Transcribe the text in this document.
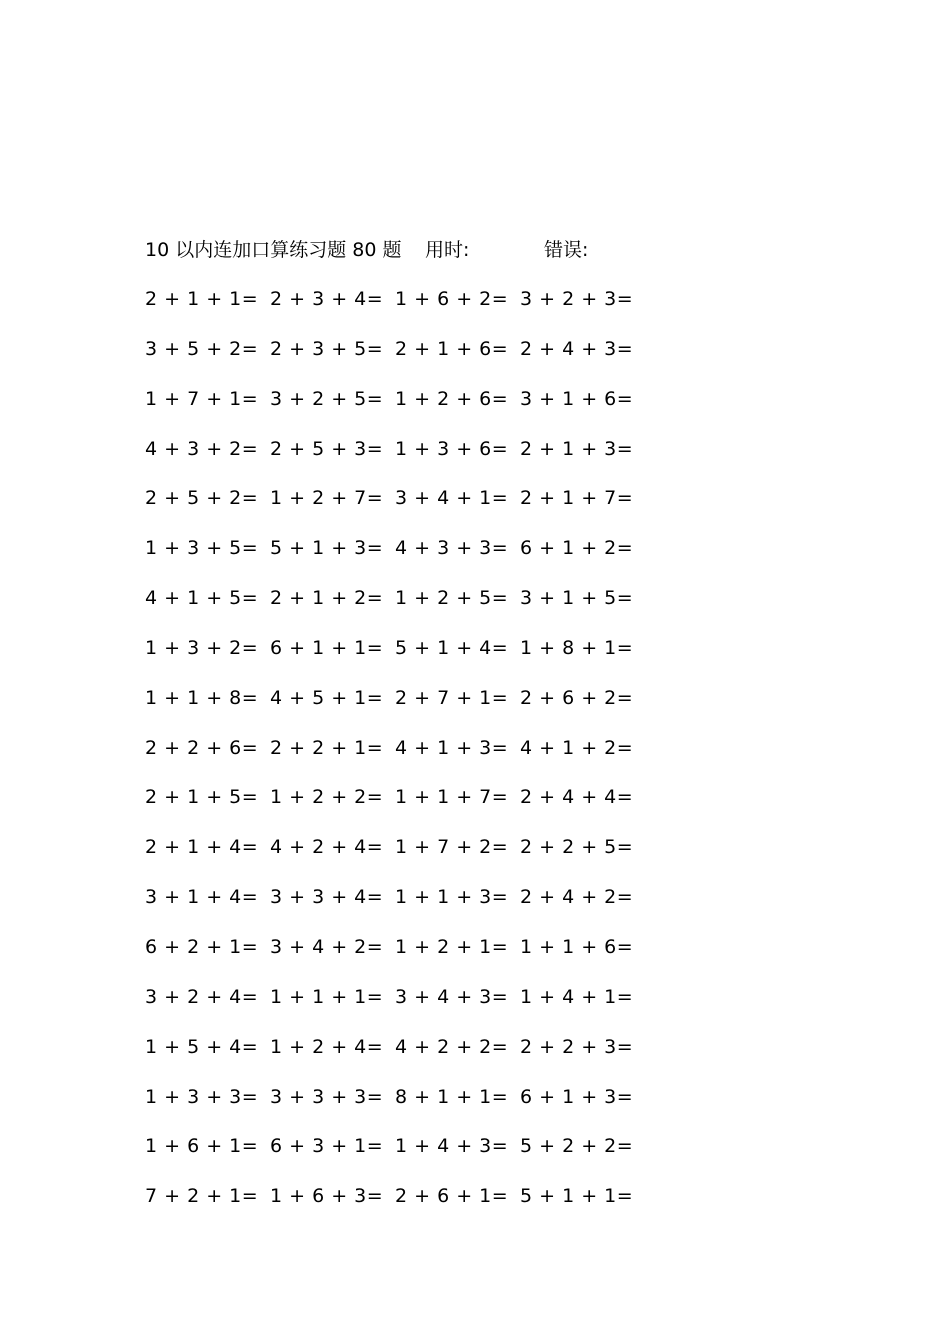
10 以内连加口算练习题 80 题 用时:	错误:
2 + 1 + 1= 2 + 3 + 4= 1 + 6 + 2= 3 + 2 + 3=
3 + 5 + 2= 2 + 3 + 5= 2 + 1 + 6= 2 + 4 + 3=
1 + 7 + 1= 3 + 2 + 5= 1 + 2 + 6= 3 + 1 + 6=
4 + 3 + 2= 2 + 5 + 3= 1 + 3 + 6= 2 + 1 + 3=
2 + 5 + 2= 1 + 2 + 7= 3 + 4 + 1= 2 + 1 + 7=
1 + 3 + 5= 5 + 1 + 3= 4 + 3 + 3= 6 + 1 + 2=
4 + 1 + 5= 2 + 1 + 2= 1 + 2 + 5= 3 + 1 + 5=
1 + 3 + 2= 6 + 1 + 1= 5 + 1 + 4= 1 + 8 + 1=
1 + 1 + 8= 4 + 5 + 1= 2 + 7 + 1= 2 + 6 + 2=
2 + 2 + 6= 2 + 2 + 1= 4 + 1 + 3= 4 + 1 + 2=
2 + 1 + 5= 1 + 2 + 2= 1 + 1 + 7= 2 + 4 + 4=
2 + 1 + 4= 4 + 2 + 4= 1 + 7 + 2= 2 + 2 + 5=
3 + 1 + 4= 3 + 3 + 4= 1 + 1 + 3= 2 + 4 + 2=
6 + 2 + 1= 3 + 4 + 2= 1 + 2 + 1= 1 + 1 + 6=
3 + 2 + 4= 1 + 1 + 1= 3 + 4 + 3= 1 + 4 + 1=
1 + 5 + 4= 1 + 2 + 4= 4 + 2 + 2= 2 + 2 + 3=
1 + 3 + 3= 3 + 3 + 3= 8 + 1 + 1= 6 + 1 + 3=
1 + 6 + 1= 6 + 3 + 1= 1 + 4 + 3= 5 + 2 + 2=
7 + 2 + 1= 1 + 6 + 3= 2 + 6 + 1= 5 + 1 + 1=
